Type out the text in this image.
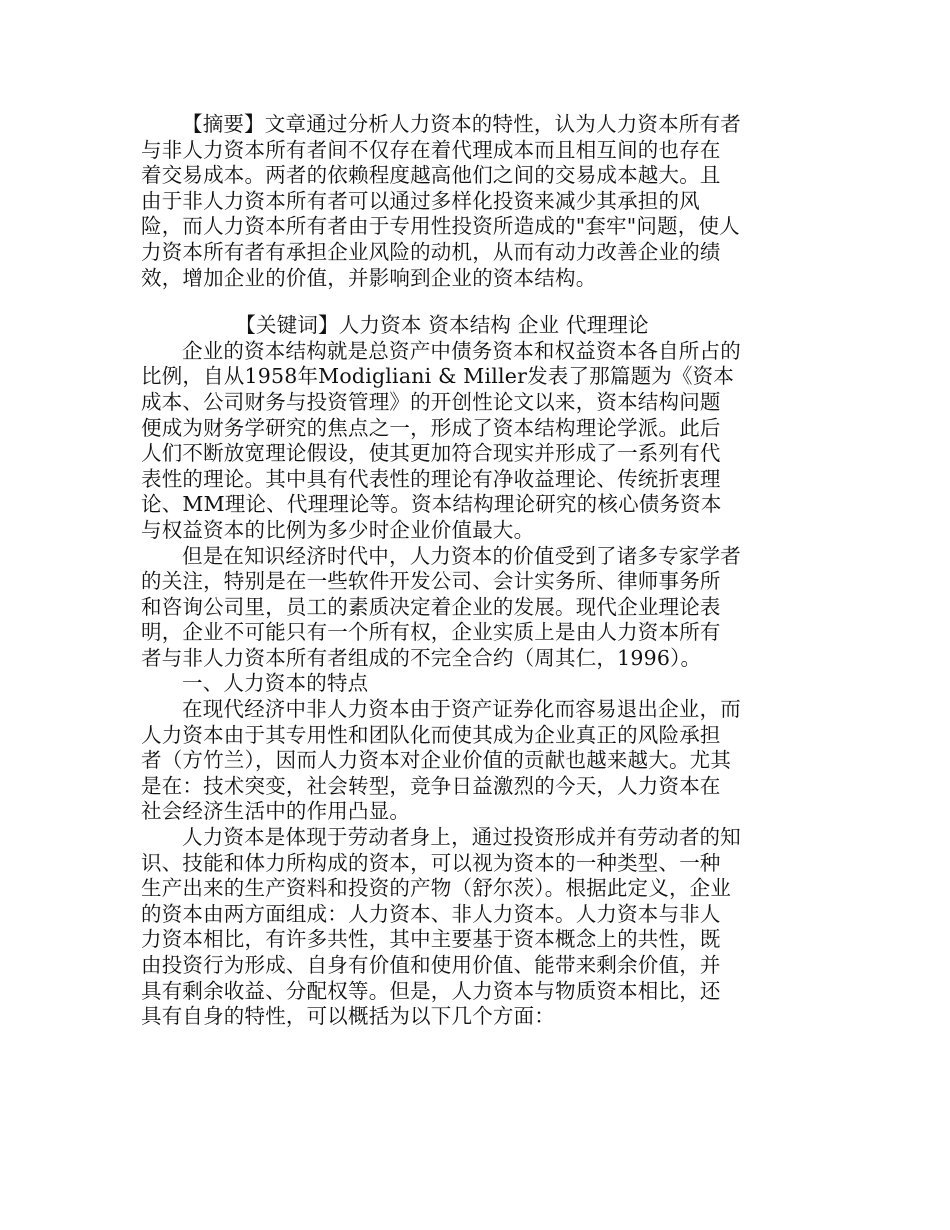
【摘要】文章通过分析人力资本的特性，认为人力资本所有者与非人力资本所有者间不仅存在着代理成本而且相互间的也存在着交易成本。两者的依赖程度越高他们之间的交易成本越大。且由于非人力资本所有者可以通过多样化投资来减少其承担的风险，而人力资本所有者由于专用性投资所造成的"套牢"问题，使人力资本所有者有承担企业风险的动机，从而有动力改善企业的绩效，增加企业的价值，并影响到企业的资本结构。

【关键词】人力资本 资本结构 企业 代理理论

企业的资本结构就是总资产中债务资本和权益资本各自所占的比例，自从1958年Modigliani & Miller发表了那篇题为《资本成本、公司财务与投资管理》的开创性论文以来，资本结构问题便成为财务学研究的焦点之一，形成了资本结构理论学派。此后人们不断放宽理论假设，使其更加符合现实并形成了一系列有代表性的理论。其中具有代表性的理论有净收益理论、传统折衷理论、MM理论、代理理论等。资本结构理论研究的核心债务资本与权益资本的比例为多少时企业价值最大。

但是在知识经济时代中，人力资本的价值受到了诸多专家学者的关注，特别是在一些软件开发公司、会计实务所、律师事务所和咨询公司里，员工的素质决定着企业的发展。现代企业理论表明，企业不可能只有一个所有权，企业实质上是由人力资本所有者与非人力资本所有者组成的不完全合约（周其仁，1996）。

一、人力资本的特点

在现代经济中非人力资本由于资产证券化而容易退出企业，而人力资本由于其专用性和团队化而使其成为企业真正的风险承担者（方竹兰），因而人力资本对企业价值的贡献也越来越大。尤其是在：技术突变，社会转型，竞争日益激烈的今天，人力资本在社会经济生活中的作用凸显。

人力资本是体现于劳动者身上，通过投资形成并有劳动者的知识、技能和体力所构成的资本，可以视为资本的一种类型、一种生产出来的生产资料和投资的产物（舒尔茨）。根据此定义，企业的资本由两方面组成：人力资本、非人力资本。人力资本与非人力资本相比，有许多共性，其中主要基于资本概念上的共性，既由投资行为形成、自身有价值和使用价值、能带来剩余价值，并具有剩余收益、分配权等。但是，人力资本与物质资本相比，还具有自身的特性，可以概括为以下几个方面：
